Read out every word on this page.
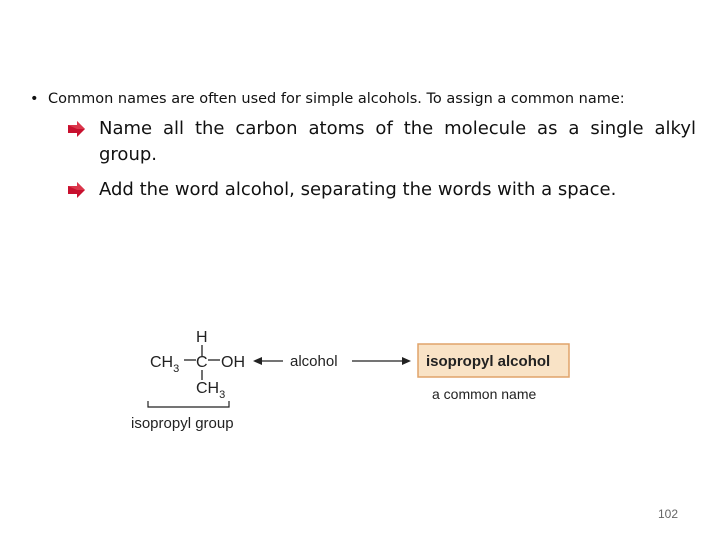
• Common names are often used for simple alcohols. To assign a common name:
Name all the carbon atoms of the molecule as a single alkyl group.
Add the word alcohol, separating the words with a space.
H
$CH_3$ C OH
$CH_3$
isopropyl group
alcohol	isopropyl alcohol
a common name
102
